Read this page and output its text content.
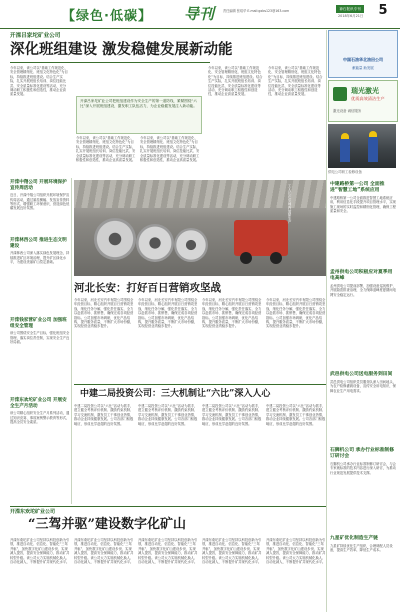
【绿色·低碳】 导刊	责任编辑 张绍华 E-mail:gxbs123@163.com
2018年6月21日
神石报讯专刊 5
开滦吕家坨矿业公司
深化班组建设 激发稳健发展新动能
今年以来，该公司以“基础工作规范化、安全管理精细化、班组文化特色化”为目标，持续推进班组建设。结合生产实际，扎实开展班组长培训、岗位技能比武、安全质量标准化建设等活动，充分调动职工积极性和创造性，推动企业高质量发展。
开滦吕家坨矿业公司把班组建设作为安全生产的第一道防线，紧紧围绕“六比”深入开展班组建设，激发职工队伍活力，为企业稳健发展注入新动能。
今年以来，该公司以“基础工作规范化、安全管理精细化、班组文化特色化”为目标，持续推进班组建设。结合生产实际，扎实开展班组长培训、岗位技能比武、安全质量标准化建设等活动，充分调动职工积极性和创造性，推动企业高质量发展。
今年以来，该公司以“基础工作规范化、安全管理精细化、班组文化特色化”为目标，持续推进班组建设。结合生产实际，扎实开展班组长培训、岗位技能比武、安全质量标准化建设等活动，充分调动职工积极性和创造性，推动企业高质量发展。
今年以来，该公司以“基础工作规范化、安全管理精细化、班组文化特色化”为目标，持续推进班组建设。结合生产实际，扎实开展班组长培训、岗位技能比武、安全质量标准化建设等活动，充分调动职工积极性和创造性，推动企业高质量发展。
今年以来，该公司以“基础工作规范化、安全管理精细化、班组文化特色化”为目标，持续推进班组建设。结合生产实际，扎实开展班组长培训、岗位技能比武、安全质量标准化建设等活动，充分调动职工积极性和创造性，推动企业高质量发展。
中国石油华北油田公司
献能量 助发展
瑞光激光
优质高效清洁生产
激光设备 诚信服务
供电公司职工检修设备
开滦中翔公司 开展环境保护宣传周活动
近日，开滦中翔公司组织开展环境保护宣传周活动，通过悬挂横幅、发放宣传资料等形式，增强职工环保意识，营造绿色低碳发展良好氛围。
开滦林西公司 推进生态文明建设
开滦林西公司深入落实绿色发展理念，持续推进矿区环境治理，提升矿区绿化水平，为建设美丽矿山奠定基础。
开滦钱家营矿业公司 加强班组安全管理
该公司围绕安全生产目标，强化班组安全管理，落实岗位责任制，实现安全生产良好局面。
开滦东欢坨矿业公司 开展安全生产月活动
该公司精心组织安全生产月系列活动，通过知识竞赛、事故案例警示教育等形式，提高全员安全素质。
工人们在车间内加紧生产	中建路桥第一公司 全面推进“智慧工地”系统应用
中建路桥第一公司全面推进智慧工地系统应用，利用信息化手段提升项目管理水平，实现施工现场的实时监控和精细化管理，确保工程质量和安全。
孟州供电公司积极应对夏季用电高峰
孟州供电公司提前部署，加强设备巡视维护，开展隐患排查治理，全力保障迎峰度夏期间电网安全稳定运行。
武邑供电公司送电服务到田间
武邑供电公司组织党员服务队深入田间地头，为农户检修灌溉设备，宣传安全用电知识，保障农业生产用电需求。
石狮机公司 承办行业标准制修订研讨会
石狮机公司承办行业标准制修订研讨会，与会专家就标准的技术内容进行深入研讨，为推动行业规范发展提供技术支撑。
九星矿优化制造生产链
九星矿持续优化生产组织，合理调配人员设备，提高生产效率，降低生产成本。
河北长安：打好百日营销攻坚战
今年以来，河北长安汽车有限公司围绕全年经营目标，精心组织开展百日营销攻坚战，细化任务分解，强化责任落实，全力以赴抓市场、抓销售，确保完成各项经营指标。公司加强市场调研，优化产品结构，提升服务质量，不断扩大市场份额，实现经营业绩稳步提升。
今年以来，河北长安汽车有限公司围绕全年经营目标，精心组织开展百日营销攻坚战，细化任务分解，强化责任落实，全力以赴抓市场、抓销售，确保完成各项经营指标。公司加强市场调研，优化产品结构，提升服务质量，不断扩大市场份额，实现经营业绩稳步提升。
今年以来，河北长安汽车有限公司围绕全年经营目标，精心组织开展百日营销攻坚战，细化任务分解，强化责任落实，全力以赴抓市场、抓销售，确保完成各项经营指标。公司加强市场调研，优化产品结构，提升服务质量，不断扩大市场份额，实现经营业绩稳步提升。
今年以来，河北长安汽车有限公司围绕全年经营目标，精心组织开展百日营销攻坚战，细化任务分解，强化责任落实，全力以赴抓市场、抓销售，确保完成各项经营指标。公司加强市场调研，优化产品结构，提升服务质量，不断扩大市场份额，实现经营业绩稳步提升。
中建二局投资公司：三大机制让“六比”深入人心
中建二局投资公司以“六比”活动为抓手，建立健全考核评价机制、激励约束机制、学习交流机制，激发员工干事创业热情，推动企业持续健康发展。公司各部门积极响应，形成比学赶超的良好氛围。
中建二局投资公司以“六比”活动为抓手，建立健全考核评价机制、激励约束机制、学习交流机制，激发员工干事创业热情，推动企业持续健康发展。公司各部门积极响应，形成比学赶超的良好氛围。
中建二局投资公司以“六比”活动为抓手，建立健全考核评价机制、激励约束机制、学习交流机制，激发员工干事创业热情，推动企业持续健康发展。公司各部门积极响应，形成比学赶超的良好氛围。
中建二局投资公司以“六比”活动为抓手，建立健全考核评价机制、激励约束机制、学习交流机制，激发员工干事创业热情，推动企业持续健康发展。公司各部门积极响应，形成比学赶超的良好氛围。
开滦东欢坨矿业公司
“三驾并驱”建设数字化矿山
开滦东欢坨矿业公司坚持以科技创新为引领，推进自动化、信息化、智能化“三驾并驱”，加快数字化矿山建设步伐，实现减人提效，提高安全保障能力，推动矿井转型升级。该公司大力实施机械化换人、自动化减人，不断提升矿井现代化水平。
开滦东欢坨矿业公司坚持以科技创新为引领，推进自动化、信息化、智能化“三驾并驱”，加快数字化矿山建设步伐，实现减人提效，提高安全保障能力，推动矿井转型升级。该公司大力实施机械化换人、自动化减人，不断提升矿井现代化水平。
开滦东欢坨矿业公司坚持以科技创新为引领，推进自动化、信息化、智能化“三驾并驱”，加快数字化矿山建设步伐，实现减人提效，提高安全保障能力，推动矿井转型升级。该公司大力实施机械化换人、自动化减人，不断提升矿井现代化水平。
开滦东欢坨矿业公司坚持以科技创新为引领，推进自动化、信息化、智能化“三驾并驱”，加快数字化矿山建设步伐，实现减人提效，提高安全保障能力，推动矿井转型升级。该公司大力实施机械化换人、自动化减人，不断提升矿井现代化水平。
开滦东欢坨矿业公司坚持以科技创新为引领，推进自动化、信息化、智能化“三驾并驱”，加快数字化矿山建设步伐，实现减人提效，提高安全保障能力，推动矿井转型升级。该公司大力实施机械化换人、自动化减人，不断提升矿井现代化水平。
